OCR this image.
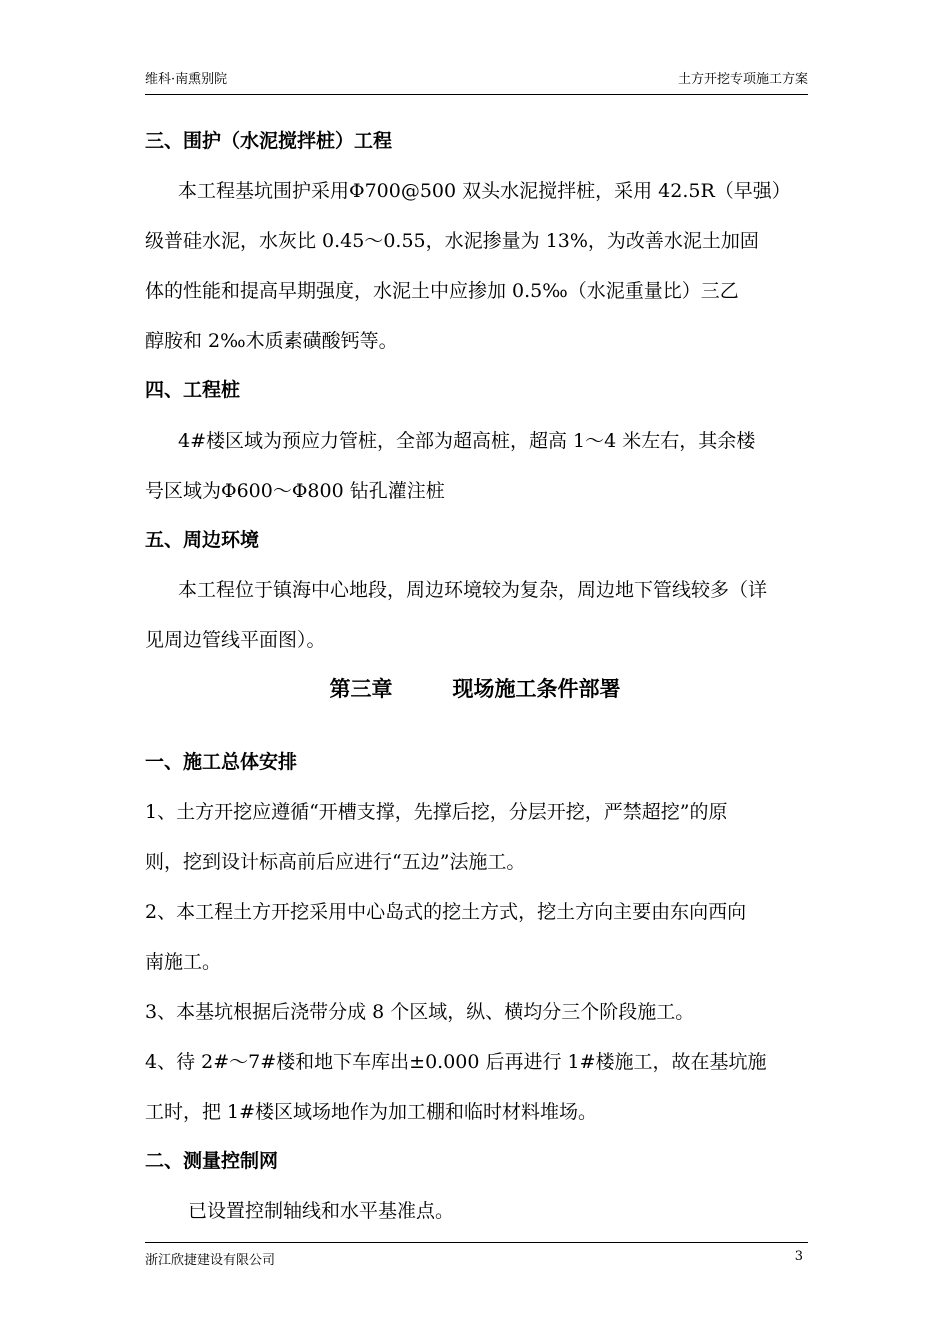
维科·南熏别院	土方开挖专项施工方案
三、围护（水泥搅拌桩）工程
本工程基坑围护采用Φ700@500 双头水泥搅拌桩，采用 42.5R（早强）
级普硅水泥，水灰比 0.45～0.55，水泥掺量为 13%，为改善水泥土加固
体的性能和提高早期强度，水泥土中应掺加 0.5‰（水泥重量比）三乙
醇胺和 2‰木质素磺酸钙等。
四、工程桩
4#楼区域为预应力管桩，全部为超高桩，超高 1～4 米左右，其余楼
号区域为Φ600～Φ800 钻孔灌注桩
五、周边环境
本工程位于镇海中心地段，周边环境较为复杂，周边地下管线较多（详
见周边管线平面图）。
第三章	现场施工条件部署
一、施工总体安排
1、土方开挖应遵循“开槽支撑，先撑后挖，分层开挖，严禁超挖”的原
则，挖到设计标高前后应进行“五边”法施工。
2、本工程土方开挖采用中心岛式的挖土方式，挖土方向主要由东向西向
南施工。
3、本基坑根据后浇带分成 8 个区域，纵、横均分三个阶段施工。
4、待 2#～7#楼和地下车库出±0.000 后再进行 1#楼施工，故在基坑施
工时，把 1#楼区域场地作为加工棚和临时材料堆场。
二、测量控制网
已设置控制轴线和水平基准点。
浙江欣捷建设有限公司	3
